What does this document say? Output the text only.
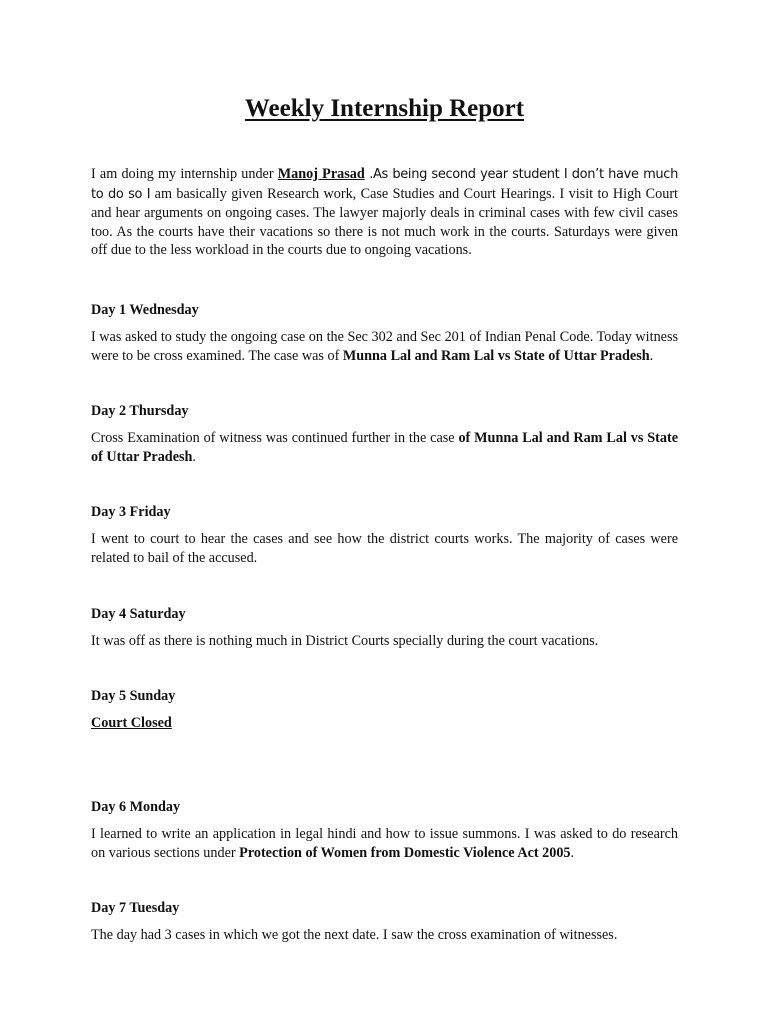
Weekly Internship Report

I am doing my internship under Manoj Prasad .As being second year student I don’t have much to do so I am basically given Research work, Case Studies and Court Hearings. I visit to High Court and hear arguments on ongoing cases. The lawyer majorly deals in criminal cases with few civil cases too. As the courts have their vacations so there is not much work in the courts. Saturdays were given off due to the less workload in the courts due to ongoing vacations.

Day 1 Wednesday

I was asked to study the ongoing case on the Sec 302 and Sec 201 of Indian Penal Code. Today witness were to be cross examined. The case was of Munna Lal and Ram Lal vs State of Uttar Pradesh.

Day 2 Thursday

Cross Examination of witness was continued further in the case of Munna Lal and Ram Lal vs State of Uttar Pradesh.

Day 3 Friday

I went to court to hear the cases and see how the district courts works. The majority of cases were related to bail of the accused.

Day 4 Saturday

It was off as there is nothing much in District Courts specially during the court vacations.

Day 5 Sunday

Court Closed

Day 6 Monday

I learned to write an application in legal hindi and how to issue summons. I was asked to do research on various sections under Protection of Women from Domestic Violence Act 2005.

Day 7 Tuesday

The day had 3 cases in which we got the next date. I saw the cross examination of witnesses.
